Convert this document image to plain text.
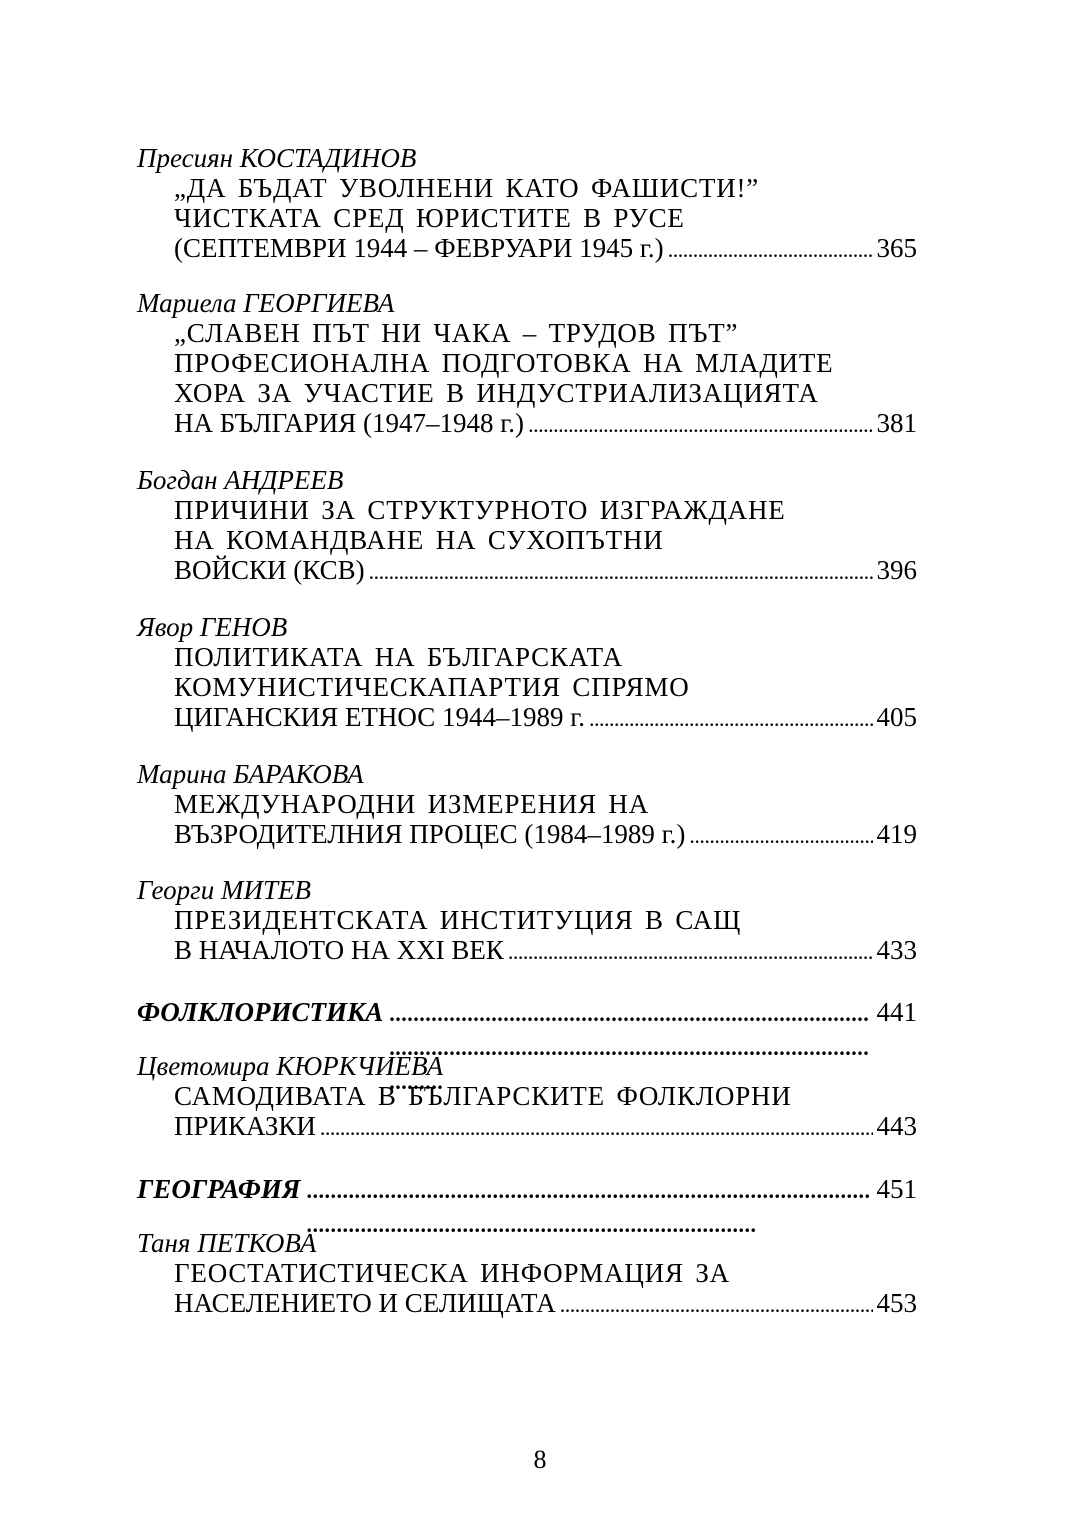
Пресиян КОСТАДИНОВ
„ДА БЪДАТ УВОЛНЕНИ КАТО ФАШИСТИ!”
ЧИСТКАТА СРЕД ЮРИСТИТЕ В РУСЕ
(СЕПТЕМВРИ 1944 – ФЕВРУАРИ 1945 г.) . . .	365
Мариела ГЕОРГИЕВА
„СЛАВЕН ПЪТ НИ ЧАКА – ТРУДОВ ПЪТ”
ПРОФЕСИОНАЛНА ПОДГОТОВКА НА МЛАДИТЕ
ХОРА ЗА УЧАСТИЕ В ИНДУСТРИАЛИЗАЦИЯТА
НА БЪЛГАРИЯ (1947–1948 г.) . . .	381
Богдан АНДРЕЕВ
ПРИЧИНИ ЗА СТРУКТУРНОТО ИЗГРАЖДАНЕ
НА КОМАНДВАНЕ НА СУХОПЪТНИ
ВОЙСКИ (КСВ) . . .	396
Явор ГЕНОВ
ПОЛИТИКАТА НА БЪЛГАРСКАТА
КОМУНИСТИЧЕСКАПАРТИЯ СПРЯМО
ЦИГАНСКИЯ ЕТНОС 1944–1989 г. . . .	405
Марина БАРАКОВА
МЕЖДУНАРОДНИ ИЗМЕРЕНИЯ НА
ВЪЗРОДИТЕЛНИЯ ПРОЦЕС (1984–1989 г.) . . .	419
Георги МИТЕВ
ПРЕЗИДЕНТСКАТА ИНСТИТУЦИЯ В САЩ
В НАЧАЛОТО НА XXI ВЕК . . .	433
ФОЛКЛОРИСТИКА . . .	441
Цветомира КЮРКЧИЕВА
САМОДИВАТА В БЪЛГАРСКИТЕ ФОЛКЛОРНИ
ПРИКАЗКИ . . .	443
ГЕОГРАФИЯ . . .	451
Таня ПЕТКОВА
ГЕОСТАТИСТИЧЕСКА ИНФОРМАЦИЯ ЗА
НАСЕЛЕНИЕТО И СЕЛИЩАТА . . .	453
8
